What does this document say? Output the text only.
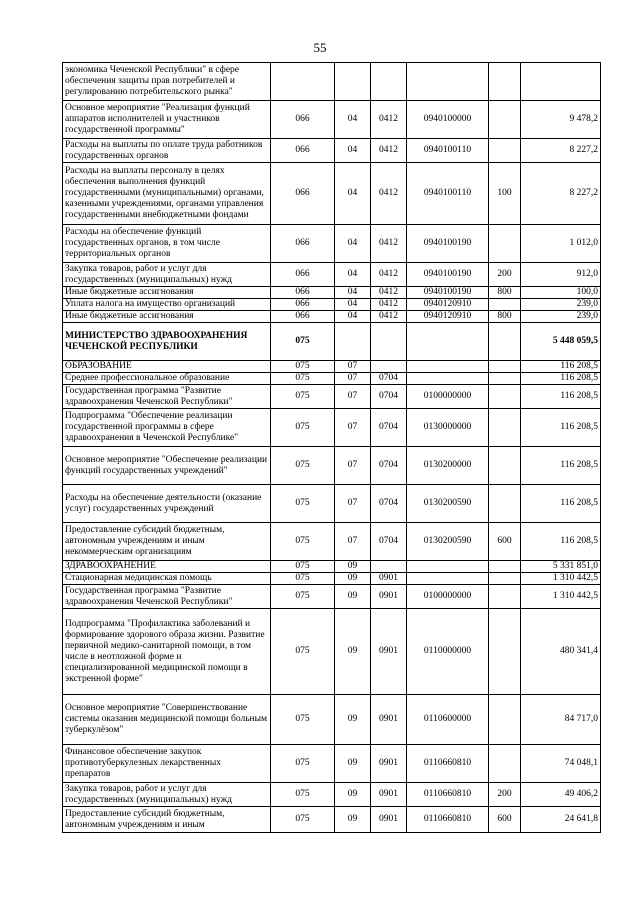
55
экономика Чеченской Республики" в сфере обеспечения защиты прав потребителей и регулированию потребительского рынка"						
Основное мероприятие "Реализация функций аппаратов исполнителей и участников государственной программы"	066	04	0412	0940100000		9 478,2
Расходы на выплаты по оплате труда работников государственных органов	066	04	0412	0940100110		8 227,2
Расходы на выплаты персоналу в целях обеспечения выполнения функций государственными (муниципальными) органами, казенными учреждениями, органами управления государственными внебюджетными фондами	066	04	0412	0940100110	100	8 227,2
Расходы на обеспечение функций государственных органов, в том числе территориальных органов	066	04	0412	0940100190		1 012,0
Закупка товаров, работ и услуг для государственных (муниципальных) нужд	066	04	0412	0940100190	200	912,0
Иные бюджетные ассигнования	066	04	0412	0940100190	800	100,0
Уплата налога на имущество организаций	066	04	0412	0940120910		239,0
Иные бюджетные ассигнования	066	04	0412	0940120910	800	239,0
МИНИСТЕРСТВО ЗДРАВООХРАНЕНИЯ ЧЕЧЕНСКОЙ РЕСПУБЛИКИ	075					5 448 059,5
ОБРАЗОВАНИЕ	075	07				116 208,5
Среднее профессиональное образование	075	07	0704			116 208,5
Государственная программа "Развитие здравоохранения Чеченской Республики"	075	07	0704	0100000000		116 208,5
Подпрограмма "Обеспечение реализации государственной программы в сфере здравоохранения в Чеченской Республике"	075	07	0704	0130000000		116 208,5
Основное мероприятие "Обеспечение реализации функций государственных учреждений"	075	07	0704	0130200000		116 208,5
Расходы на обеспечение деятельности (оказание услуг) государственных учреждений	075	07	0704	0130200590		116 208,5
Предоставление субсидий бюджетным, автономным учреждениям и иным некоммерческим организациям	075	07	0704	0130200590	600	116 208,5
ЗДРАВООХРАНЕНИЕ	075	09				5 331 851,0
Стационарная медицинская помощь	075	09	0901			1 310 442,5
Государственная программа "Развитие здравоохранения Чеченской Республики"	075	09	0901	0100000000		1 310 442,5
Подпрограмма "Профилактика заболеваний и формирование здорового образа жизни. Развитие первичной медико-санитарной помощи, в том числе в неотложной форме и специализированной медицинской помощи в экстренной форме"	075	09	0901	0110000000		480 341,4
Основное мероприятие "Совершенствование системы оказания медицинской помощи больным туберкулёзом"	075	09	0901	0110600000		84 717,0
Финансовое обеспечение закупок противотуберкулезных лекарственных препаратов	075	09	0901	0110660810		74 048,1
Закупка товаров, работ и услуг для государственных (муниципальных) нужд	075	09	0901	0110660810	200	49 406,2
Предоставление субсидий бюджетным, автономным учреждениям и иным	075	09	0901	0110660810	600	24 641,8
